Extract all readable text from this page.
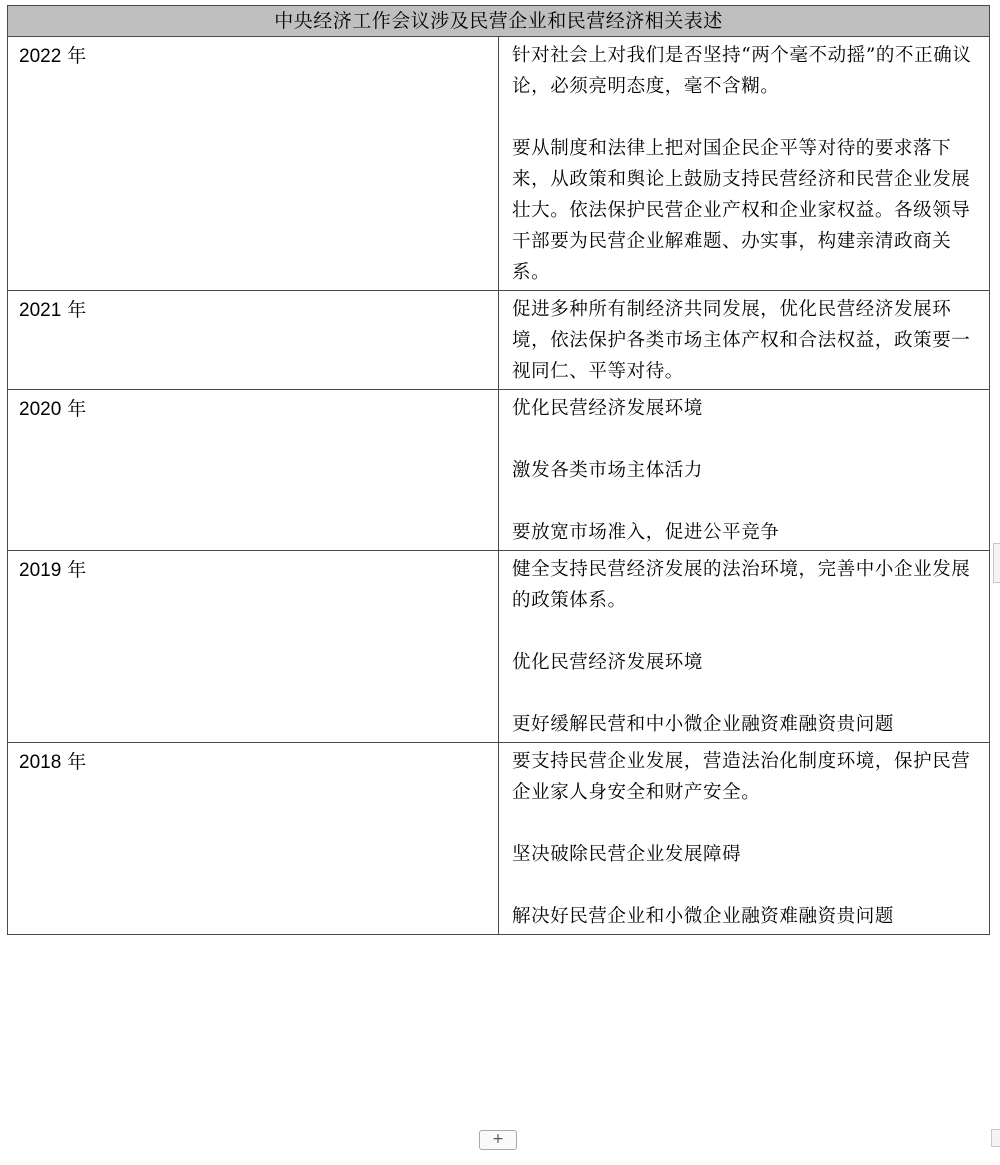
中央经济工作会议涉及民营企业和民营经济相关表述	
2022 年	针对社会上对我们是否坚持“两个毫不动摇”的不正确议论，必须亮明态度，毫不含糊。

要从制度和法律上把对国企民企平等对待的要求落下来，从政策和舆论上鼓励支持民营经济和民营企业发展壮大。依法保护民营企业产权和企业家权益。各级领导干部要为民营企业解难题、办实事，构建亲清政商关系。

2021 年	促进多种所有制经济共同发展，优化民营经济发展环境，依法保护各类市场主体产权和合法权益，政策要一视同仁、平等对待。

2020 年	优化民营经济发展环境

激发各类市场主体活力

要放宽市场准入，促进公平竞争

2019 年	健全支持民营经济发展的法治环境，完善中小企业发展的政策体系。

优化民营经济发展环境

更好缓解民营和中小微企业融资难融资贵问题

2018 年	要支持民营企业发展，营造法治化制度环境，保护民营企业家人身安全和财产安全。

坚决破除民营企业发展障碍

解决好民营企业和小微企业融资难融资贵问题

+
